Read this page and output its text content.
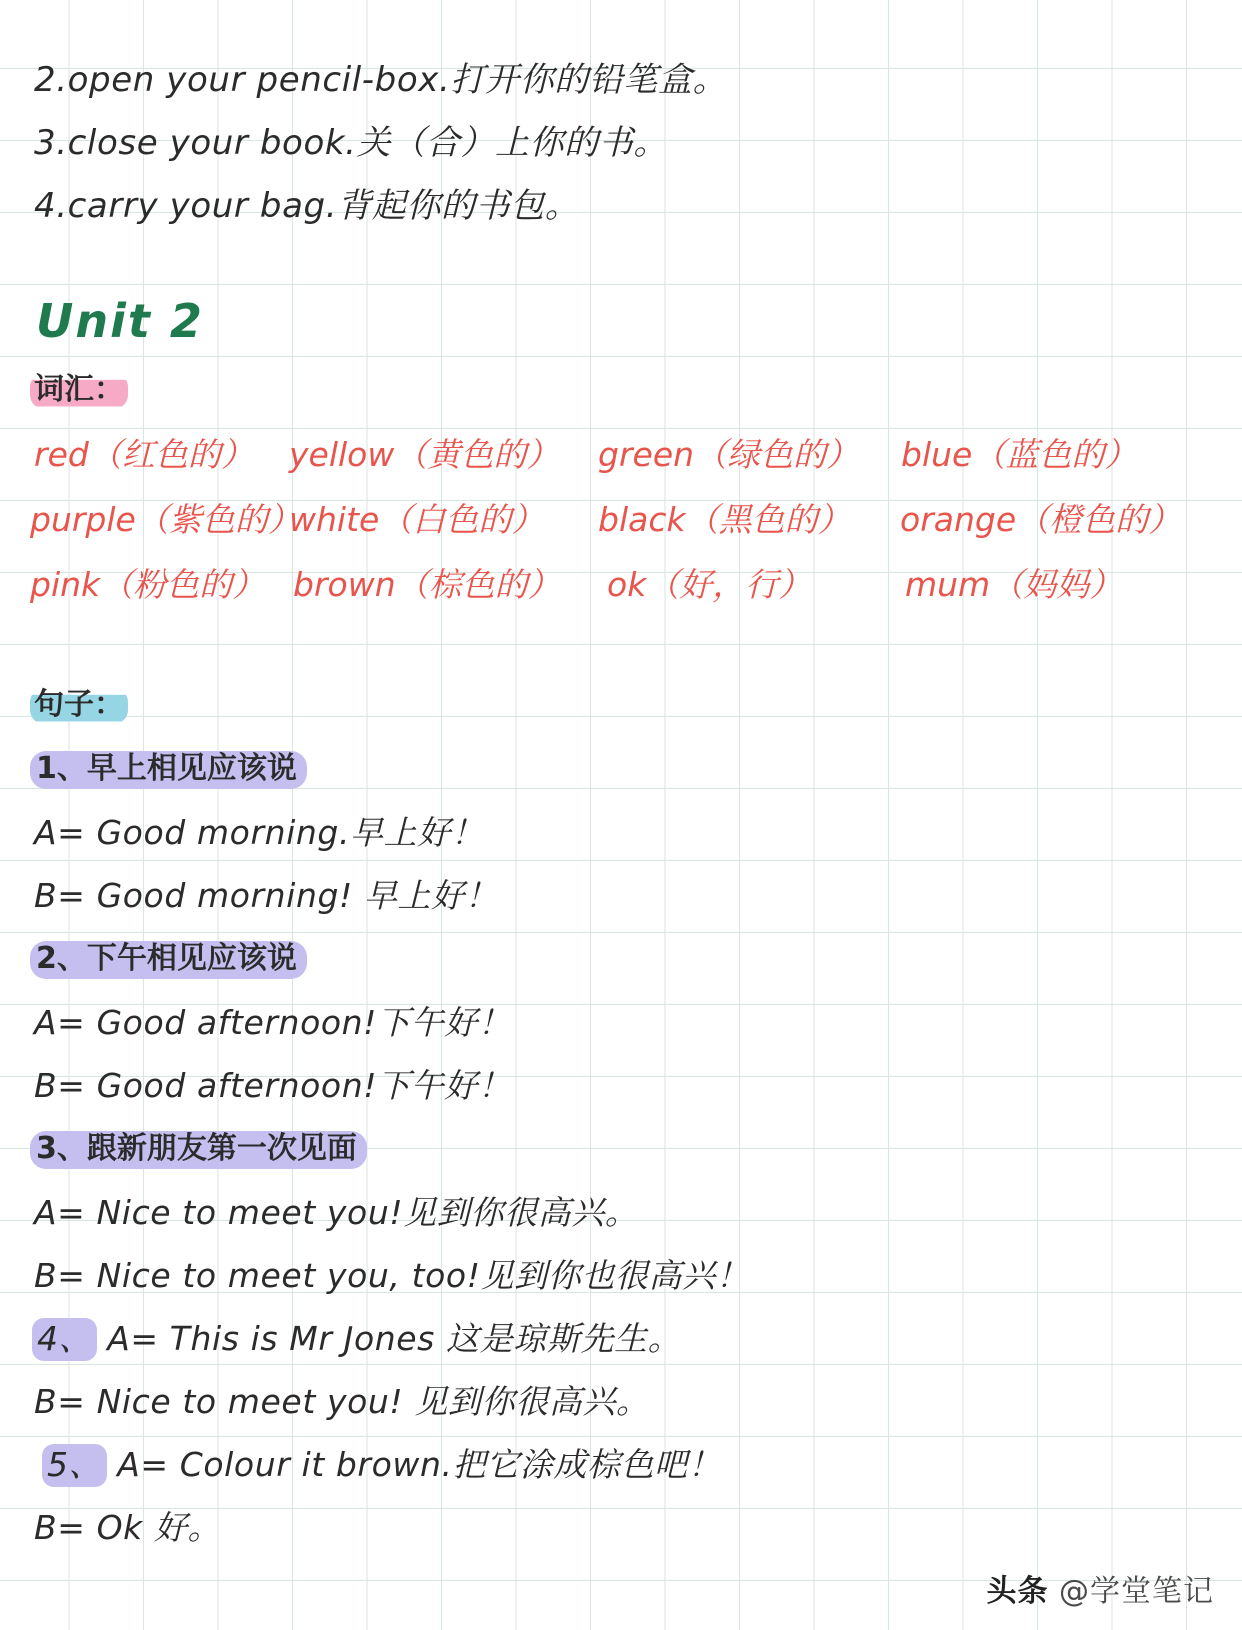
2.open your pencil-box.打开你的铅笔盒。
3.close your book.关（合）上你的书。
4.carry your bag.背起你的书包。
Unit 2
词汇：
red（红色的） yellow（黄色的） green（绿色的） blue（蓝色的）
purple（紫色的）
white（白色的） black（黑色的） orange（橙色的）
pink（粉色的） brown（棕色的） ok（好，行）	mum（妈妈）
句子：
1、早上相见应该说
A= Good morning.早上好！
B= Good morning! 早上好！
2、下午相见应该说
A= Good afternoon!下午好！
B= Good afternoon!下午好！
3、跟新朋友第一次见面
A= Nice to meet you!见到你很高兴。
B= Nice to meet you, too!见到你也很高兴！
4、 A= This is Mr Jones 这是琼斯先生。
B= Nice to meet you! 见到你很高兴。
5、 A= Colour it brown.把它涂成棕色吧！
B= Ok 好。
头条 @学堂笔记
